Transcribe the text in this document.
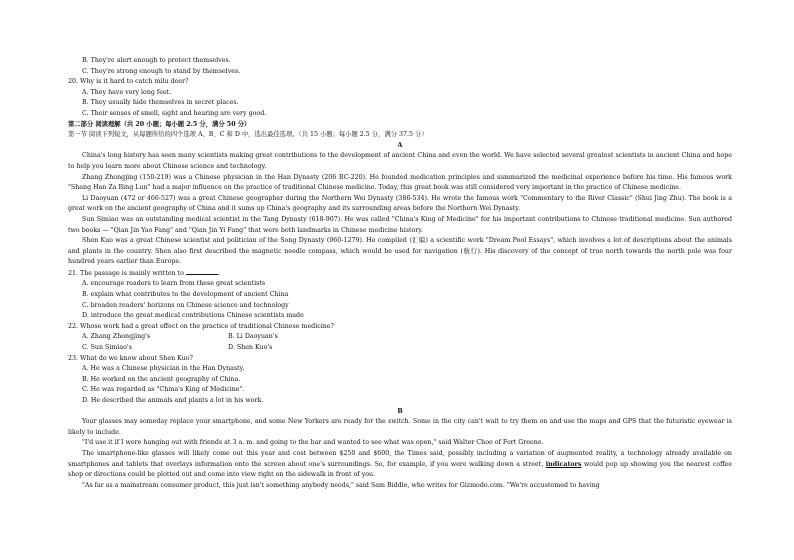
B. They're alert enough to protect themselves.
C. They're strong enough to stand by themselves.
20. Why is it hard to catch milu deer?
A. They have very long feet.
B. They usually hide themselves in secret places.
C. Their senses of smell, sight and hearing are very good.
第二部分 阅读理解（共 20 小题；每小题 2.5 分，满分 50 分）
第一节 阅读下列短文，从每题所给的四个选项 A、B、C 和 D 中，选出最佳选项。（共 15 小题；每小题 2.5 分，满分 37.5 分）
A
China's long history has seen many scientists making great contributions to the development of ancient China and even the world. We have selected several greatest scientists in ancient China and hope to help you learn more about Chinese science and technology.
Zhang Zhongjing (150-219) was a Chinese physician in the Han Dynasty (206 BC-220). He founded medication principles and summarized the medicinal experience before his time. His famous work "Shang Han Za Bing Lun" had a major influence on the practice of traditional Chinese medicine. Today, this great book was still considered very important in the practice of Chinese medicine.
Li Daoyuan (472 or 466-527) was a great Chinese geographer during the Northern Wei Dynasty (386-534). He wrote the famous work "Commentary to the River Classic" (Shui Jing Zhu). The book is a great work on the ancient geography of China and it sums up China's geography and its surrounding areas before the Northern Wei Dynasty.
Sun Simiao was an outstanding medical scientist in the Tang Dynasty (618-907). He was called "China's King of Medicine" for his important contributions to Chinese traditional medicine. Sun authored two books — "Qian Jin Yao Fang" and "Qian Jin Yi Fang" that were both landmarks in Chinese medicine history.
Shen Kuo was a great Chinese scientist and politician of the Song Dynasty (960-1279). He compiled (汇编) a scientific work "Dream Pool Essays", which involves a lot of descriptions about the animals and plants in the country. Shen also first described the magnetic needle compass, which would be used for navigation (航行). His discovery of the concept of true north towards the north pole was four hundred years earlier than Europe.
21. The passage is mainly written to	.
A. encourage readers to learn from these great scientists
B. explain what contributes to the development of ancient China
C. broaden readers' horizons on Chinese science and technology
D. introduce the great medical contributions Chinese scientists made
22. Whose work had a great effect on the practice of traditional Chinese medicine?
A. Zhang Zhongjing's	B. Li Daoyuan's
C. Sun Simiao's	D. Shen Kuo's
23. What do we know about Shen Kuo?
A. He was a Chinese physician in the Han Dynasty.
B. He worked on the ancient geography of China.
C. He was regarded as "China's King of Medicine".
D. He described the animals and plants a lot in his work.
B
Your glasses may someday replace your smartphone, and some New Yorkers are ready for the switch. Some in the city can't wait to try them on and use the maps and GPS that the futuristic eyewear is likely to include.
"I'd use it if I were hanging out with friends at 3 a. m. and going to the bar and wanted to see what was open," said Walter Choo of Fort Greene.
The smartphone-like glasses will likely come out this year and cost between $250 and $600, the Times said, possibly including a variation of augmented reality, a technology already available on smartphones and tablets that overlays information onto the screen about one's surroundings. So, for example, if you were walking down a street, indicators would pop up showing you the nearest coffee shop or directions could be plotted out and come into view right on the sidewalk in front of you.
"As far as a mainstream consumer product, this just isn't something anybody needs," said Sam Biddle, who writes for Gizmodo.com. "We're accustomed to having
